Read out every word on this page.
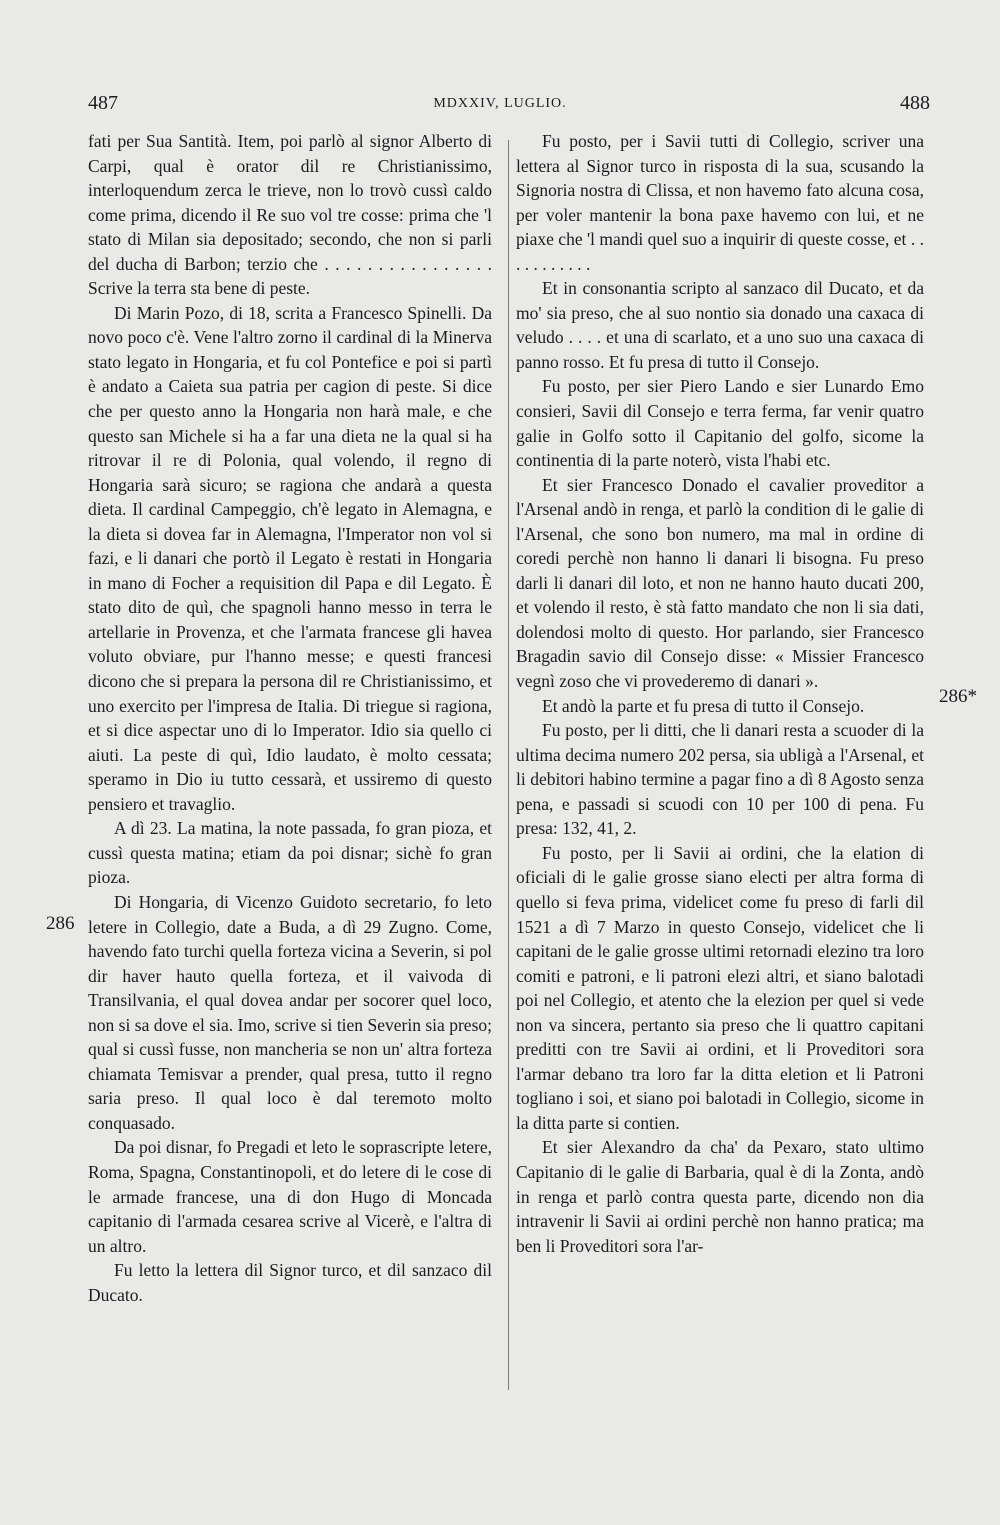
487	MDXXIV, LUGLIO.	488
286
286*

fati per Sua Santità. Item, poi parlò al signor Alberto di Carpi, qual è orator dil re Christianissimo, interloquendum zerca le trieve, non lo trovò cussì caldo come prima, dicendo il Re suo vol tre cosse: prima che 'l stato di Milan sia depositado; secondo, che non si parli del ducha di Barbon; terzio che . . . . . . . . . . . . . . . . Scrive la terra sta bene di peste.

Di Marin Pozo, di 18, scrita a Francesco Spinelli. Da novo poco c'è. Vene l'altro zorno il cardinal di la Minerva stato legato in Hongaria, et fu col Pontefice e poi si partì è andato a Caieta sua patria per cagion di peste. Si dice che per questo anno la Hongaria non harà male, e che questo san Michele si ha a far una dieta ne la qual si ha ritrovar il re di Polonia, qual volendo, il regno di Hongaria sarà sicuro; se ragiona che andarà a questa dieta. Il cardinal Campeggio, ch'è legato in Alemagna, e la dieta si dovea far in Alemagna, l'Imperator non vol si fazi, e li danari che portò il Legato è restati in Hongaria in mano di Focher a requisition dil Papa e dil Legato. È stato dito de quì, che spagnoli hanno messo in terra le artellarie in Provenza, et che l'armata francese gli havea voluto obviare, pur l'hanno messe; e questi francesi dicono che si prepara la persona dil re Christianissimo, et uno exercito per l'impresa de Italia. Di triegue si ragiona, et si dice aspectar uno di lo Imperator. Idio sia quello ci aiuti. La peste di quì, Idio laudato, è molto cessata; speramo in Dio iu tutto cessarà, et ussiremo di questo pensiero et travaglio.

A dì 23. La matina, la note passada, fo gran pioza, et cussì questa matina; etiam da poi disnar; sichè fo gran pioza.

Di Hongaria, di Vicenzo Guidoto secretario, fo leto letere in Collegio, date a Buda, a dì 29 Zugno. Come, havendo fato turchi quella forteza vicina a Severin, si pol dir haver hauto quella forteza, et il vaivoda di Transilvania, el qual dovea andar per socorer quel loco, non si sa dove el sia. Imo, scrive si tien Severin sia preso; qual si cussì fusse, non mancheria se non un' altra forteza chiamata Temisvar a prender, qual presa, tutto il regno saria preso. Il qual loco è dal teremoto molto conquasado.

Da poi disnar, fo Pregadi et leto le soprascripte letere, Roma, Spagna, Constantinopoli, et do letere di le cose di le armade francese, una di don Hugo di Moncada capitanio di l'armada cesarea scrive al Vicerè, e l'altra di un altro.

Fu letto la lettera dil Signor turco, et dil sanzaco dil Ducato.

Fu posto, per i Savii tutti di Collegio, scriver una lettera al Signor turco in risposta di la sua, scusando la Signoria nostra di Clissa, et non havemo fato alcuna cosa, per voler mantenir la bona paxe havemo con lui, et ne piaxe che 'l mandi quel suo a inquirir di queste cosse, et . . . . . . . . . . .

Et in consonantia scripto al sanzaco dil Ducato, et da mo' sia preso, che al suo nontio sia donado una caxaca di veludo . . . . et una di scarlato, et a uno suo una caxaca di panno rosso. Et fu presa di tutto il Consejo.

Fu posto, per sier Piero Lando e sier Lunardo Emo consieri, Savii dil Consejo e terra ferma, far venir quatro galie in Golfo sotto il Capitanio del golfo, sicome la continentia di la parte noterò, vista l'habi etc.

Et sier Francesco Donado el cavalier proveditor a l'Arsenal andò in renga, et parlò la condition di le galie di l'Arsenal, che sono bon numero, ma mal in ordine di coredi perchè non hanno li danari li bisogna. Fu preso darli li danari dil loto, et non ne hanno hauto ducati 200, et volendo il resto, è stà fatto mandato che non li sia dati, dolendosi molto di questo. Hor parlando, sier Francesco Bragadin savio dil Consejo disse: « Missier Francesco vegnì zoso che vi provederemo di danari ».

Et andò la parte et fu presa di tutto il Consejo.

Fu posto, per li ditti, che li danari resta a scuoder di la ultima decima numero 202 persa, sia ubligà a l'Arsenal, et li debitori habino termine a pagar fino a dì 8 Agosto senza pena, e passadi si scuodi con 10 per 100 di pena. Fu presa: 132, 41, 2.

Fu posto, per li Savii ai ordini, che la elation di oficiali di le galie grosse siano electi per altra forma di quello si feva prima, videlicet come fu preso di farli dil 1521 a dì 7 Marzo in questo Consejo, videlicet che li capitani de le galie grosse ultimi retornadi elezino tra loro comiti e patroni, e li patroni elezi altri, et siano balotadi poi nel Collegio, et atento che la elezion per quel si vede non va sincera, pertanto sia preso che li quattro capitani preditti con tre Savii ai ordini, et li Proveditori sora l'armar debano tra loro far la ditta eletion et li Patroni togliano i soi, et siano poi balotadi in Collegio, sicome in la ditta parte si contien.

Et sier Alexandro da cha' da Pexaro, stato ultimo Capitanio di le galie di Barbaria, qual è di la Zonta, andò in renga et parlò contra questa parte, dicendo non dia intravenir li Savii ai ordini perchè non hanno pratica; ma ben li Proveditori sora l'ar-
